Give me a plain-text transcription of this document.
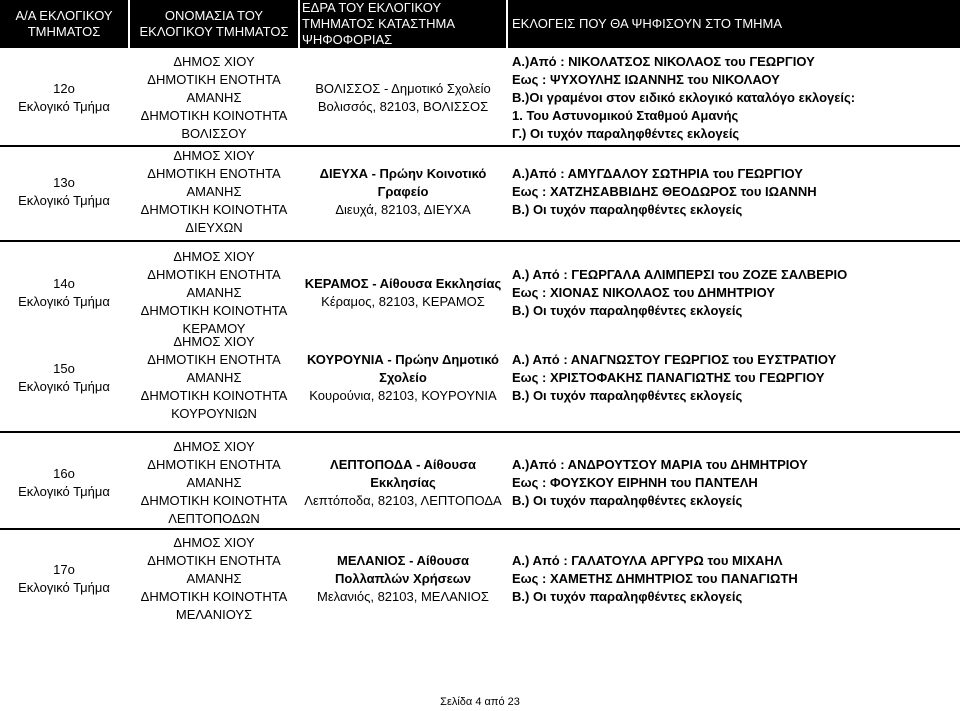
Α/Α ΕΚΛΟΓΙΚΟΥ
ΤΜΗΜΑΤΟΣ
ΟΝΟΜΑΣΙΑ ΤΟΥ
ΕΚΛΟΓΙΚΟΥ ΤΜΗΜΑΤΟΣ
ΕΔΡΑ ΤΟΥ ΕΚΛΟΓΙΚΟΥ
ΤΜΗΜΑΤΟΣ ΚΑΤΑΣΤΗΜΑ
ΨΗΦΟΦΟΡΙΑΣ
ΕΚΛΟΓΕΙΣ ΠΟΥ ΘΑ ΨΗΦΙΣΟΥΝ ΣΤΟ ΤΜΗΜΑ
12ο
Εκλογικό Τμήμα
ΔΗΜΟΣ ΧΙΟΥ
ΔΗΜΟΤΙΚΗ ΕΝΟΤΗΤΑ
ΑΜΑΝΗΣ
ΔΗΜΟΤΙΚΗ ΚΟΙΝΟΤΗΤΑ
ΒΟΛΙΣΣΟΥ
ΒΟΛΙΣΣΟΣ - Δημοτικό Σχολείο
Βολισσός, 82103, ΒΟΛΙΣΣΟΣ
Α.)Από : ΝΙΚΟΛΑΤΣΟΣ ΝΙΚΟΛΑΟΣ του ΓΕΩΡΓΙΟΥ
Εως : ΨΥΧΟΥΛΗΣ ΙΩΑΝΝΗΣ του ΝΙΚΟΛΑΟΥ
Β.)Οι γραμένοι στον ειδικό εκλογικό καταλόγο εκλογείς:
1. Του Αστυνομικού Σταθμού Αμανής
Γ.) Οι τυχόν παραληφθέντες εκλογείς
13ο
Εκλογικό Τμήμα
ΔΗΜΟΣ ΧΙΟΥ
ΔΗΜΟΤΙΚΗ ΕΝΟΤΗΤΑ
ΑΜΑΝΗΣ
ΔΗΜΟΤΙΚΗ ΚΟΙΝΟΤΗΤΑ
ΔΙΕΥΧΩΝ
ΔΙΕΥΧΑ - Πρώην Κοινοτικό
Γραφείο
Διευχά, 82103, ΔΙΕΥΧΑ
Α.)Από : ΑΜΥΓΔΑΛΟΥ ΣΩΤΗΡΙΑ του ΓΕΩΡΓΙΟΥ
Εως : ΧΑΤΖΗΣΑΒΒΙΔΗΣ ΘΕΟΔΩΡΟΣ του ΙΩΑΝΝΗ
Β.) Οι τυχόν παραληφθέντες εκλογείς
14ο
Εκλογικό Τμήμα
ΔΗΜΟΣ ΧΙΟΥ
ΔΗΜΟΤΙΚΗ ΕΝΟΤΗΤΑ
ΑΜΑΝΗΣ
ΔΗΜΟΤΙΚΗ ΚΟΙΝΟΤΗΤΑ
ΚΕΡΑΜΟΥ
ΚΕΡΑΜΟΣ - Αίθουσα Εκκλησίας
Κέραμος, 82103, ΚΕΡΑΜΟΣ
Α.) Από : ΓΕΩΡΓΑΛΑ ΑΛΙΜΠΕΡΣΙ του ΖΟΖΕ ΣΑΛΒΕΡΙΟ
Εως : ΧΙΟΝΑΣ ΝΙΚΟΛΑΟΣ του ΔΗΜΗΤΡΙΟΥ
Β.) Οι τυχόν παραληφθέντες εκλογείς
15ο
Εκλογικό Τμήμα
ΔΗΜΟΣ ΧΙΟΥ
ΔΗΜΟΤΙΚΗ ΕΝΟΤΗΤΑ
ΑΜΑΝΗΣ
ΔΗΜΟΤΙΚΗ ΚΟΙΝΟΤΗΤΑ
ΚΟΥΡΟΥΝΙΩΝ
ΚΟΥΡΟΥΝΙΑ - Πρώην Δημοτικό
Σχολείο
Κουρούνια, 82103, ΚΟΥΡΟΥΝΙΑ
Α.) Από : ΑΝΑΓΝΩΣΤΟΥ ΓΕΩΡΓΙΟΣ του ΕΥΣΤΡΑΤΙΟΥ
Εως : ΧΡΙΣΤΟΦΑΚΗΣ ΠΑΝΑΓΙΩΤΗΣ του ΓΕΩΡΓΙΟΥ
Β.) Οι τυχόν παραληφθέντες εκλογείς
16ο
Εκλογικό Τμήμα
ΔΗΜΟΣ ΧΙΟΥ
ΔΗΜΟΤΙΚΗ ΕΝΟΤΗΤΑ
ΑΜΑΝΗΣ
ΔΗΜΟΤΙΚΗ ΚΟΙΝΟΤΗΤΑ
ΛΕΠΤΟΠΟΔΩΝ
ΛΕΠΤΟΠΟΔΑ - Αίθουσα
Εκκλησίας
Λεπτόποδα, 82103, ΛΕΠΤΟΠΟΔΑ
Α.)Από : ΑΝΔΡΟΥΤΣΟΥ ΜΑΡΙΑ του ΔΗΜΗΤΡΙΟΥ
Εως : ΦΟΥΣΚΟΥ ΕΙΡΗΝΗ του ΠΑΝΤΕΛΗ
Β.) Οι τυχόν παραληφθέντες εκλογείς
17ο
Εκλογικό Τμήμα
ΔΗΜΟΣ ΧΙΟΥ
ΔΗΜΟΤΙΚΗ ΕΝΟΤΗΤΑ
ΑΜΑΝΗΣ
ΔΗΜΟΤΙΚΗ ΚΟΙΝΟΤΗΤΑ
ΜΕΛΑΝΙΟΥΣ
ΜΕΛΑΝΙΟΣ - Αίθουσα
Πολλαπλών Χρήσεων
Μελανιός, 82103, ΜΕΛΑΝΙΟΣ
Α.) Από : ΓΑΛΑΤΟΥΛΑ ΑΡΓΥΡΩ του ΜΙΧΑΗΛ
Εως : ΧΑΜΕΤΗΣ ΔΗΜΗΤΡΙΟΣ του ΠΑΝΑΓΙΩΤΗ
Β.) Οι τυχόν παραληφθέντες εκλογείς
Σελίδα 4 από 23
